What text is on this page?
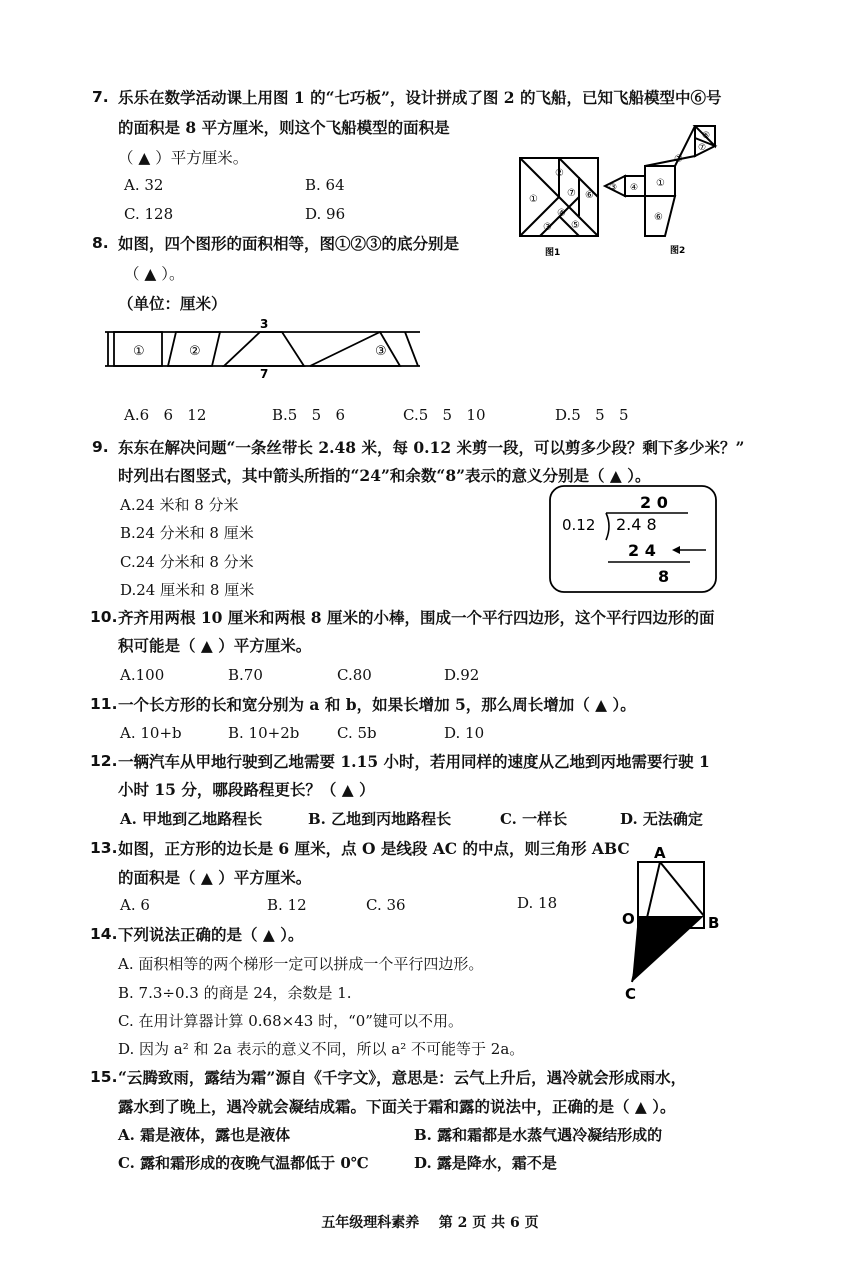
7. 乐乐在数学活动课上用图 1 的“七巧板”，设计拼成了图 2 的飞船，已知飞船模型中⑥号
的面积是 8 平方厘米，则这个飞船模型的面积是
（ ▲ ）平方厘米。
A. 32	B. 64
C. 128	D. 96
①
②
③
④
⑤
⑥
⑦
图1
③ ④ ①
②
⑤
⑦
⑥
图2
8. 如图，四个图形的面积相等，图①②③的底分别是
（ ▲ ）。
（单位：厘米）
①	②	③
3
7
A.6   6   12	B.5   5   6	C.5   5   10	D.5   5   5
9. 东东在解决问题“一条丝带长 2.48 米，每 0.12 米剪一段，可以剪多少段？剩下多少米？”
时列出右图竖式，其中箭头所指的“24”和余数“8”表示的意义分别是（ ▲ ）。
A.24 米和 8 分米
B.24 分米和 8 厘米
C.24 分米和 8 分米
D.24 厘米和 8 厘米
2 0
0.12 2.4 8
2 4
8
10. 齐齐用两根 10 厘米和两根 8 厘米的小棒，围成一个平行四边形，这个平行四边形的面
积可能是（ ▲ ）平方厘米。
A.100	B.70	C.80	D.92
11. 一个长方形的长和宽分别为 a 和 b，如果长增加 5，那么周长增加（ ▲ ）。
A. 10+b	B. 10+2b	C. 5b	D. 10
12. 一辆汽车从甲地行驶到乙地需要 1.15 小时，若用同样的速度从乙地到丙地需要行驶 1
小时 15 分，哪段路程更长？（ ▲ ）
A. 甲地到乙地路程长	B. 乙地到丙地路程长	C. 一样长	D. 无法确定
13. 如图，正方形的边长是 6 厘米，点 O 是线段 AC 的中点，则三角形 ABC
的面积是（ ▲ ）平方厘米。
A. 6	B. 12	C. 36	D. 18
A
O	B
C
14. 下列说法正确的是（ ▲ ）。
A. 面积相等的两个梯形一定可以拼成一个平行四边形。
B. 7.3÷0.3 的商是 24，余数是 1.
C. 在用计算器计算 0.68×43 时，“0”键可以不用。
D. 因为 a² 和 2a 表示的意义不同，所以 a² 不可能等于 2a。
15. “云腾致雨，露结为霜”源自《千字文》，意思是：云气上升后，遇冷就会形成雨水，
露水到了晚上，遇冷就会凝结成霜。下面关于霜和露的说法中，正确的是（ ▲ ）。
A. 霜是液体，露也是液体	B. 露和霜都是水蒸气遇冷凝结形成的
C. 露和霜形成的夜晚气温都低于 0℃	D. 露是降水，霜不是
五年级理科素养    第 2 页 共 6 页
